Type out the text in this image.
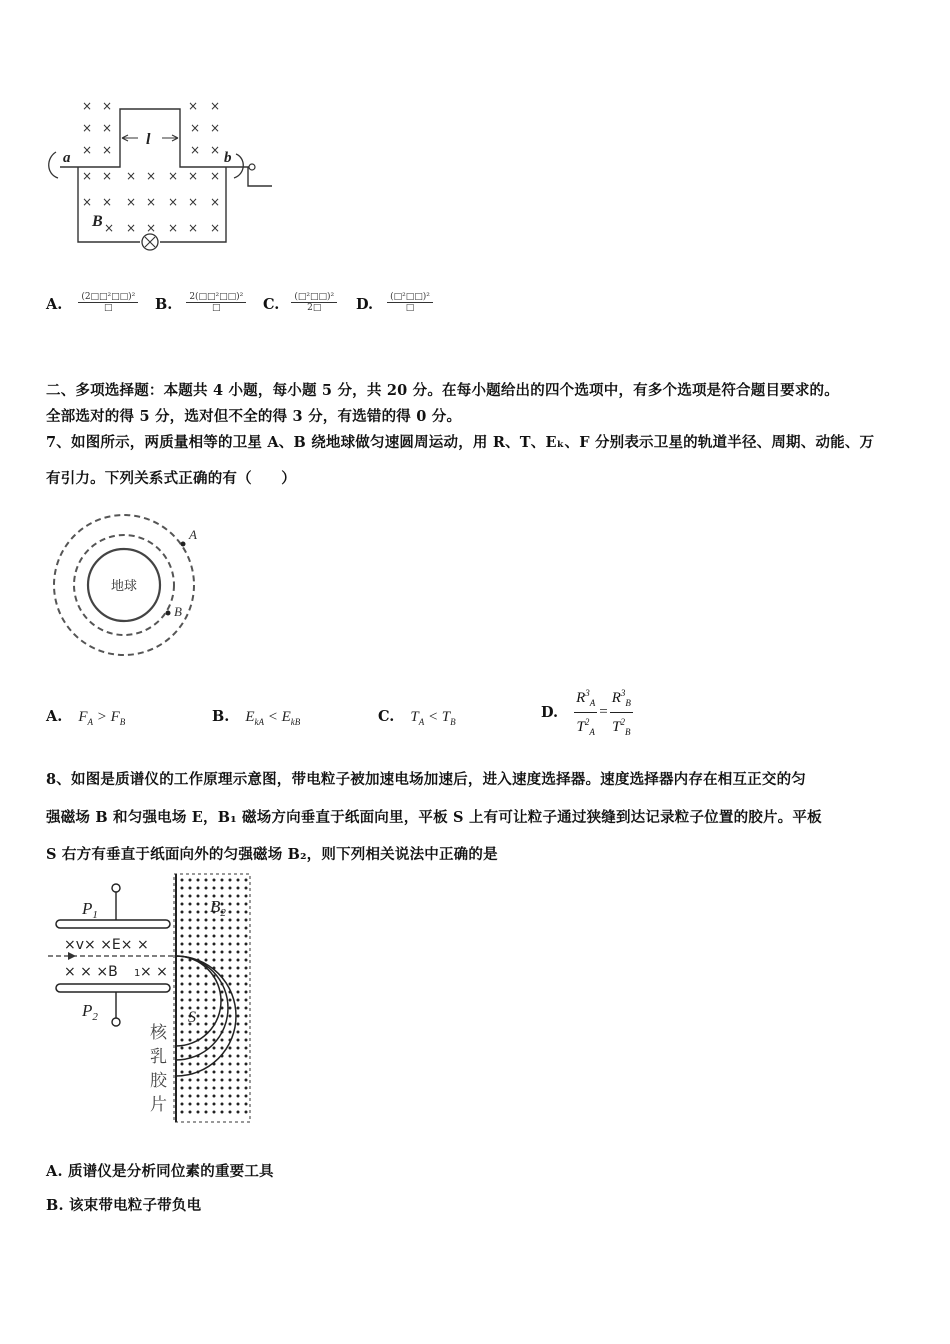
l
a	b
B
× ×	× ×
× ×	× ×
× ×	× ×
× × × × × × ×
× × × × × × ×
× × × × × ×
A. $\frac{\text{(2□□²□□)²}}{□} B$. $\frac{\text{2(□□²□□)²}}{□} C$. $\frac{\text{(□²□□)²}}{2□} D$. $\frac{\text{(□²□□)²}}{□}$
二、多项选择题：本题共 4 小题，每小题 5 分，共 20 分。在每小题给出的四个选项中，有多个选项是符合题目要求的。
全部选对的得 5 分，选对但不全的得 3 分，有选错的得 0 分。
7、如图所示，两质量相等的卫星 A、B 绕地球做匀速圆周运动，用 R、T、Eₖ、F 分别表示卫星的轨道半径、周期、动能、万
有引力。下列关系式正确的有（　　）
地球
A
B
A. $F_A > F_B$	B. $E_{kA} < E_{kB}$	C. $T_A < T_B$
D. $\frac{R^3_A}{T^2_A} = \frac{R^3_B}{T^2_B}$
8、如图是质谱仪的工作原理示意图，带电粒子被加速电场加速后，进入速度选择器。速度选择器内存在相互正交的匀
强磁场 B 和匀强电场 E，B₁ 磁场方向垂直于纸面向里，平板 S 上有可让粒子通过狭缝到达记录粒子位置的胶片。平板
S 右方有垂直于纸面向外的匀强磁场 B₂，则下列相关说法中正确的是
$P_1$
$P_2$
$B_2$
×v× ×E× ×
× × ×B 1 × ×
S
核
乳
胶
片
A. 质谱仪是分析同位素的重要工具
B. 该束带电粒子带负电
